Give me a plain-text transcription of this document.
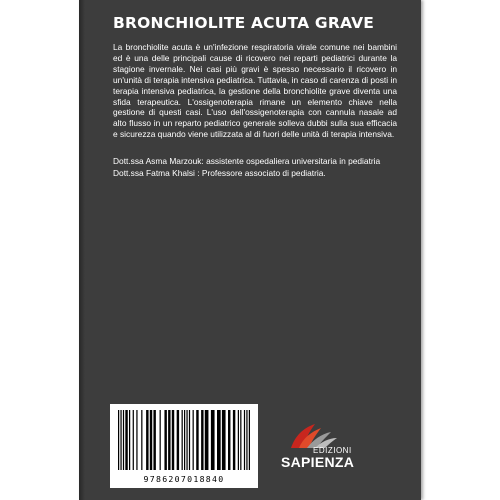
BRONCHIOLITE ACUTA GRAVE

La bronchiolite acuta è un'infezione respiratoria virale comune nei bambini ed è una delle principali cause di ricovero nei reparti pediatrici durante la stagione invernale. Nei casi più gravi è spesso necessario il ricovero in un'unità di terapia intensiva pediatrica. Tuttavia, in caso di carenza di posti in terapia intensiva pediatrica, la gestione della bronchiolite grave diventa una sfida terapeutica. L'ossigenoterapia rimane un elemento chiave nella gestione di questi casi. L'uso dell'ossigenoterapia con cannula nasale ad alto flusso in un reparto pediatrico generale solleva dubbi sulla sua efficacia e sicurezza quando viene utilizzata al di fuori delle unità di terapia intensiva.

Dott.ssa Asma Marzouk: assistente ospedaliera universitaria in pediatria
Dott.ssa Fatma Khalsi : Professore associato di pediatria.
9786207018840
EDIZIONI
SAPIENZA
